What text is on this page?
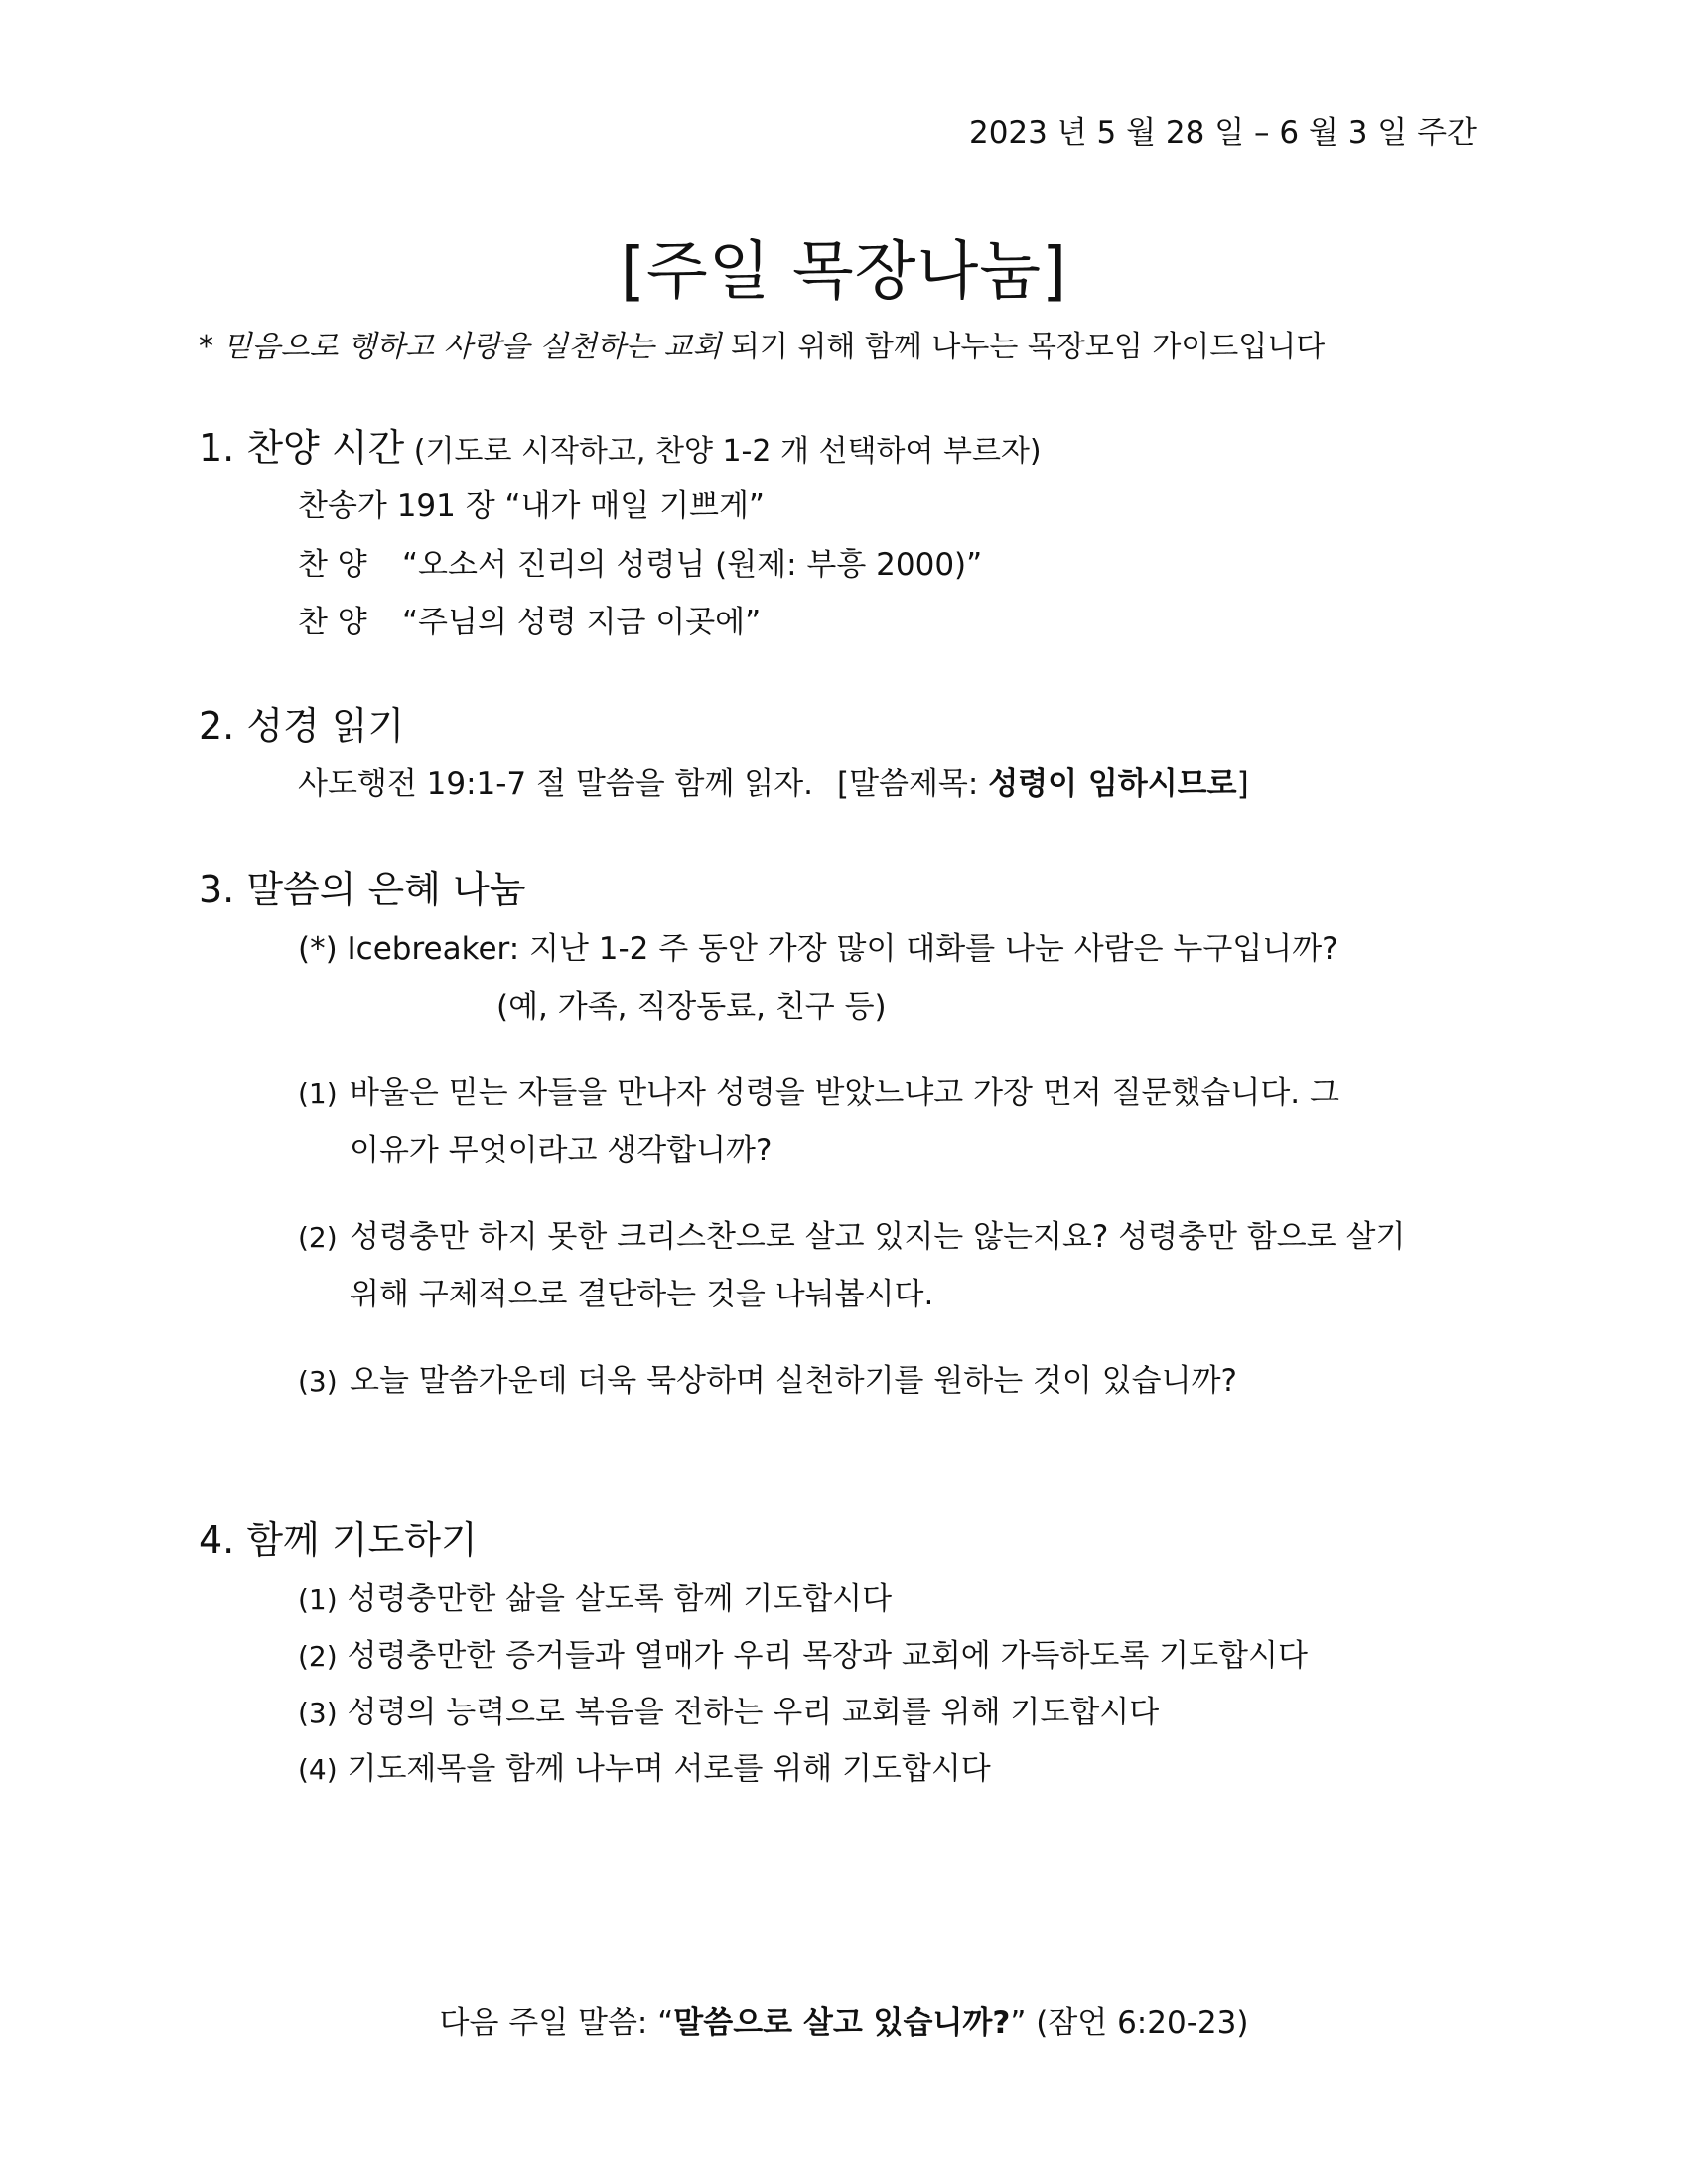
2023 년 5 월 28 일 – 6 월 3 일 주간
[주일 목장나눔]
* 믿음으로 행하고 사랑을 실천하는 교회 되기 위해 함께 나누는 목장모임 가이드입니다
1. 찬양 시간 (기도로 시작하고, 찬양 1-2 개 선택하여 부르자)
찬송가 191 장 “내가 매일 기쁘게”
찬 양 “오소서 진리의 성령님 (원제: 부흥 2000)”
찬 양 “주님의 성령 지금 이곳에”
2. 성경 읽기
사도행전 19:1-7 절 말씀을 함께 읽자. [말씀제목: 성령이 임하시므로]
3. 말씀의 은혜 나눔
(*) Icebreaker: 지난 1-2 주 동안 가장 많이 대화를 나눈 사람은 누구입니까?
(예, 가족, 직장동료, 친구 등)
(1) 바울은 믿는 자들을 만나자 성령을 받았느냐고 가장 먼저 질문했습니다. 그
이유가 무엇이라고 생각합니까?
(2) 성령충만 하지 못한 크리스찬으로 살고 있지는 않는지요? 성령충만 함으로 살기
위해 구체적으로 결단하는 것을 나눠봅시다.
(3) 오늘 말씀가운데 더욱 묵상하며 실천하기를 원하는 것이 있습니까?
4. 함께 기도하기
(1) 성령충만한 삶을 살도록 함께 기도합시다
(2) 성령충만한 증거들과 열매가 우리 목장과 교회에 가득하도록 기도합시다
(3) 성령의 능력으로 복음을 전하는 우리 교회를 위해 기도합시다
(4) 기도제목을 함께 나누며 서로를 위해 기도합시다
다음 주일 말씀: “말씀으로 살고 있습니까?” (잠언 6:20-23)
